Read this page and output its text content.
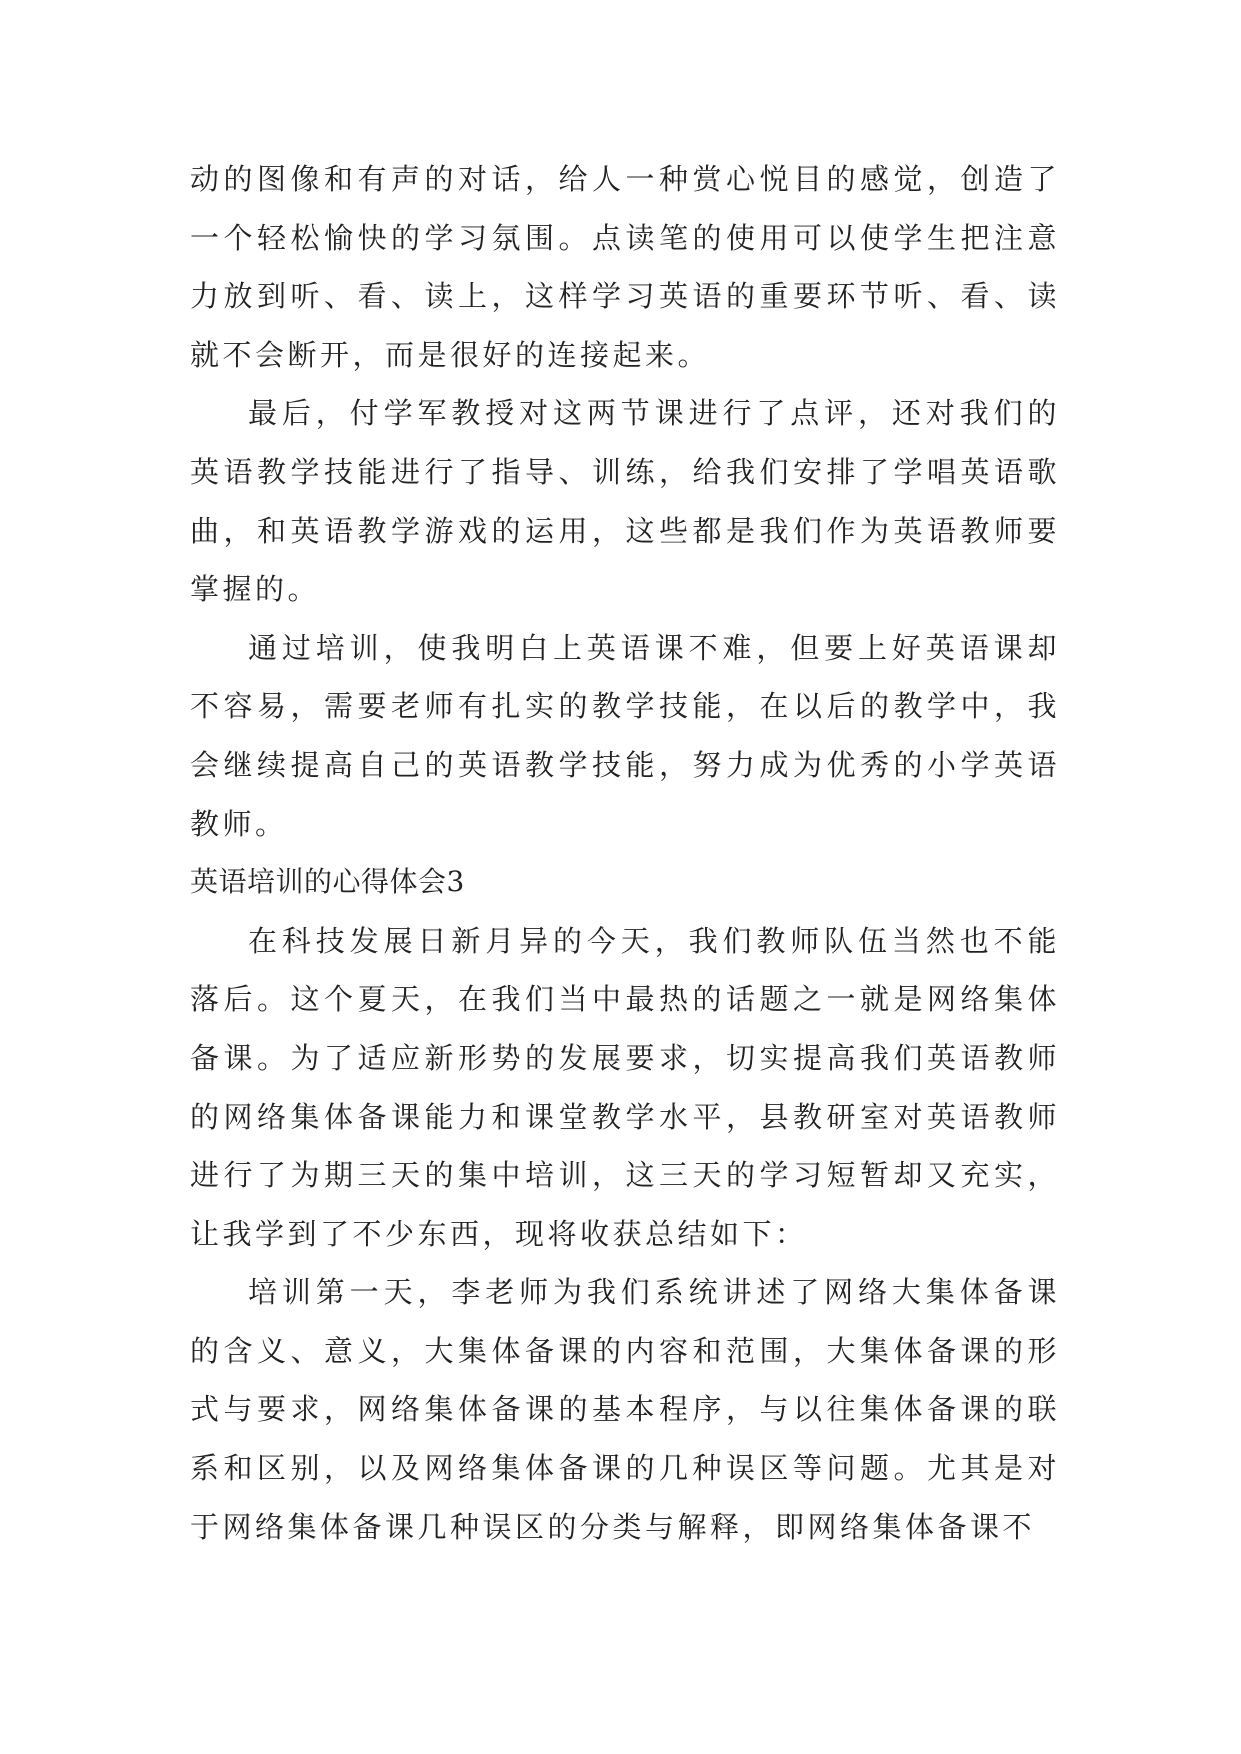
动的图像和有声的对话，给人一种赏心悦目的感觉，创造了一个轻松愉快的学习氛围。点读笔的使用可以使学生把注意力放到听、看、读上，这样学习英语的重要环节听、看、读就不会断开，而是很好的连接起来。

最后，付学军教授对这两节课进行了点评，还对我们的英语教学技能进行了指导、训练，给我们安排了学唱英语歌曲，和英语教学游戏的运用，这些都是我们作为英语教师要掌握的。

通过培训，使我明白上英语课不难，但要上好英语课却不容易，需要老师有扎实的教学技能，在以后的教学中，我会继续提高自己的英语教学技能，努力成为优秀的小学英语教师。

英语培训的心得体会3

在科技发展日新月异的今天，我们教师队伍当然也不能落后。这个夏天，在我们当中最热的话题之一就是网络集体备课。为了适应新形势的发展要求，切实提高我们英语教师的网络集体备课能力和课堂教学水平，县教研室对英语教师进行了为期三天的集中培训，这三天的学习短暂却又充实，让我学到了不少东西，现将收获总结如下：

培训第一天，李老师为我们系统讲述了网络大集体备课的含义、意义，大集体备课的内容和范围，大集体备课的形式与要求，网络集体备课的基本程序，与以往集体备课的联系和区别，以及网络集体备课的几种误区等问题。尤其是对于网络集体备课几种误区的分类与解释，即网络集体备课不
